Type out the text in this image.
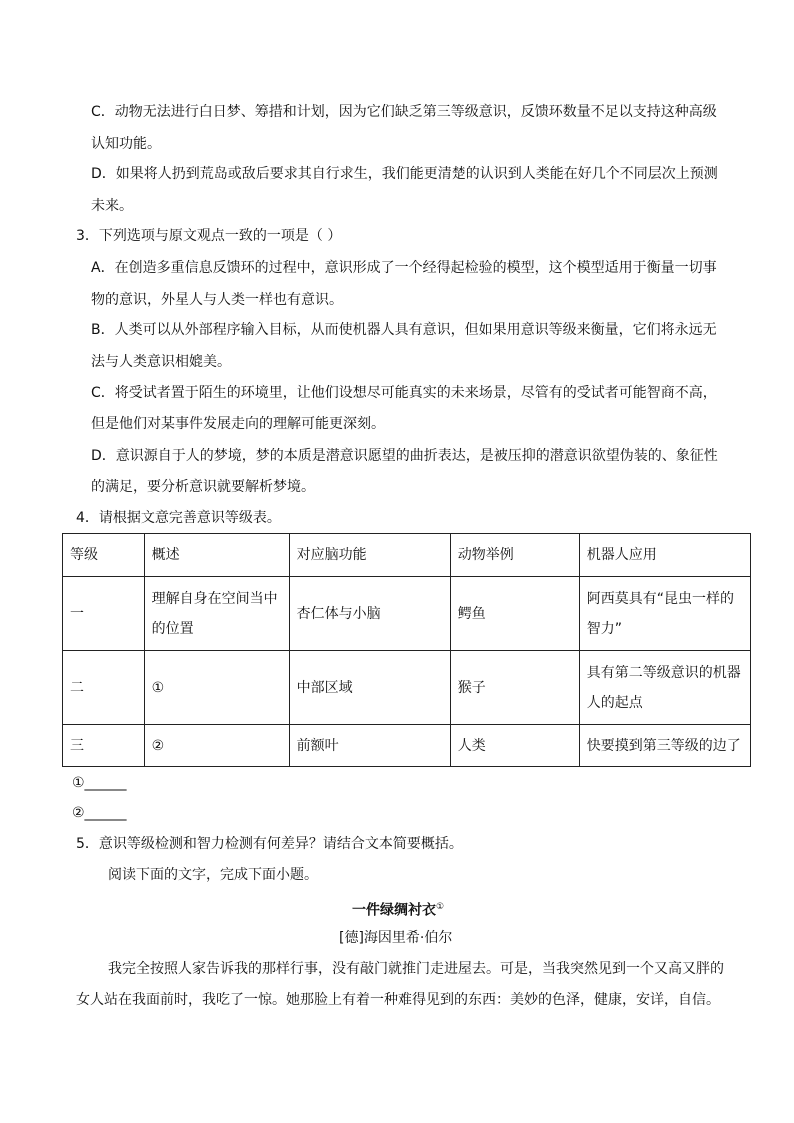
C．动物无法进行白日梦、筹措和计划，因为它们缺乏第三等级意识，反馈环数量不足以支持这种高级
认知功能。
D．如果将人扔到荒岛或敌后要求其自行求生，我们能更清楚的认识到人类能在好几个不同层次上预测
未来。
3．下列选项与原文观点一致的一项是（ ）
A．在创造多重信息反馈环的过程中，意识形成了一个经得起检验的模型，这个模型适用于衡量一切事
物的意识，外星人与人类一样也有意识。
B．人类可以从外部程序输入目标，从而使机器人具有意识，但如果用意识等级来衡量，它们将永远无
法与人类意识相媲美。
C．将受试者置于陌生的环境里，让他们设想尽可能真实的未来场景，尽管有的受试者可能智商不高，
但是他们对某事件发展走向的理解可能更深刻。
D．意识源自于人的梦境，梦的本质是潜意识愿望的曲折表达，是被压抑的潜意识欲望伪装的、象征性
的满足，要分析意识就要解析梦境。
4．请根据文意完善意识等级表。
等级	概述	对应脑功能	动物举例	机器人应用
一	理解自身在空间当中
的位置	杏仁体与小脑	鳄鱼	阿西莫具有“昆虫一样的
智力”
二	①	中部区域	猴子	具有第二等级意识的机器
人的起点
三	②	前额叶	人类	快要摸到第三等级的边了
①______
②______
5．意识等级检测和智力检测有何差异？请结合文本简要概括。
阅读下面的文字，完成下面小题。
一件绿绸衬衣①
[德]海因里希·伯尔
我完全按照人家告诉我的那样行事，没有敲门就推门走进屋去。可是，当我突然见到一个又高又胖的
女人站在我面前时，我吃了一惊。她那脸上有着一种难得见到的东西：美妙的色泽，健康，安详，自信。
